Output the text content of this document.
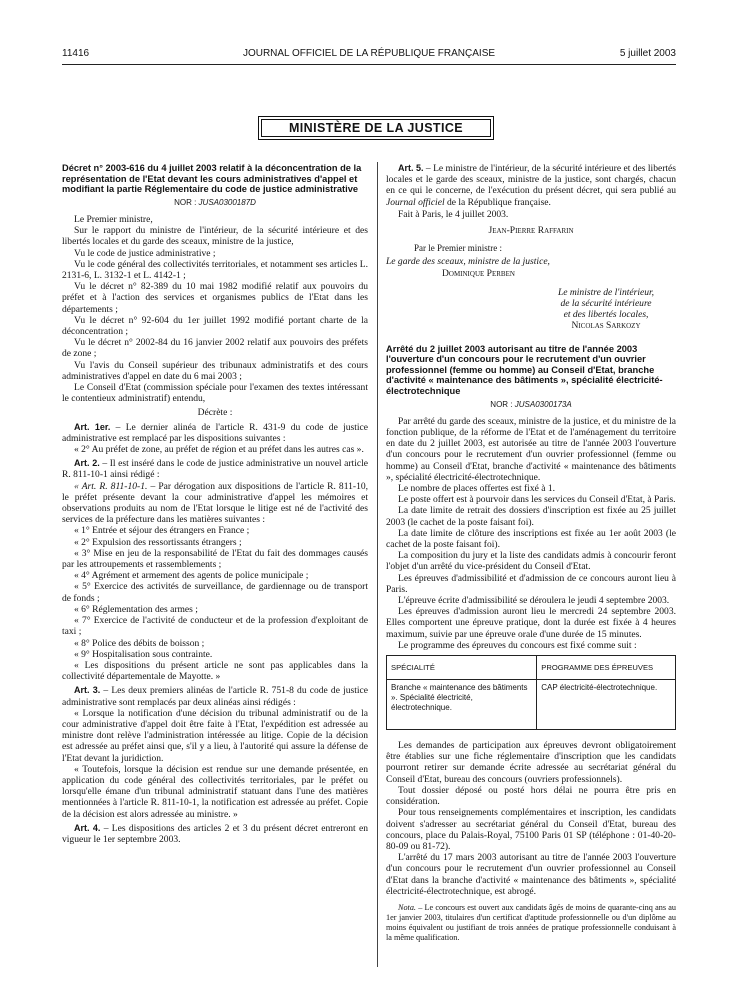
11416	JOURNAL OFFICIEL DE LA RÉPUBLIQUE FRANÇAISE	5 juillet 2003
MINISTÈRE DE LA JUSTICE
Décret n° 2003-616 du 4 juillet 2003 relatif à la déconcentration de la représentation de l'Etat devant les cours administratives d'appel et modifiant la partie Réglementaire du code de justice administrative
NOR : JUSA0300187D

Le Premier ministre,

Sur le rapport du ministre de l'intérieur, de la sécurité intérieure et des libertés locales et du garde des sceaux, ministre de la justice,

Vu le code de justice administrative ;

Vu le code général des collectivités territoriales, et notamment ses articles L. 2131-6, L. 3132-1 et L. 4142-1 ;

Vu le décret n° 82-389 du 10 mai 1982 modifié relatif aux pouvoirs du préfet et à l'action des services et organismes publics de l'Etat dans les départements ;

Vu le décret n° 92-604 du 1er juillet 1992 modifié portant charte de la déconcentration ;

Vu le décret n° 2002-84 du 16 janvier 2002 relatif aux pouvoirs des préfets de zone ;

Vu l'avis du Conseil supérieur des tribunaux administratifs et des cours administratives d'appel en date du 6 mai 2003 ;

Le Conseil d'Etat (commission spéciale pour l'examen des textes intéressant le contentieux administratif) entendu,

Décrète :

Art. 1er. – Le dernier alinéa de l'article R. 431-9 du code de justice administrative est remplacé par les dispositions suivantes :

« 2° Au préfet de zone, au préfet de région et au préfet dans les autres cas ».

Art. 2. – Il est inséré dans le code de justice administrative un nouvel article R. 811-10-1 ainsi rédigé :

« Art. R. 811-10-1. – Par dérogation aux dispositions de l'article R. 811-10, le préfet présente devant la cour administrative d'appel les mémoires et observations produits au nom de l'Etat lorsque le litige est né de l'activité des services de la préfecture dans les matières suivantes :

« 1° Entrée et séjour des étrangers en France ;

« 2° Expulsion des ressortissants étrangers ;

« 3° Mise en jeu de la responsabilité de l'Etat du fait des dommages causés par les attroupements et rassemblements ;

« 4° Agrément et armement des agents de police municipale ;

« 5° Exercice des activités de surveillance, de gardiennage ou de transport de fonds ;

« 6° Réglementation des armes ;

« 7° Exercice de l'activité de conducteur et de la profession d'exploitant de taxi ;

« 8° Police des débits de boisson ;

« 9° Hospitalisation sous contrainte.

« Les dispositions du présent article ne sont pas applicables dans la collectivité départementale de Mayotte. »

Art. 3. – Les deux premiers alinéas de l'article R. 751-8 du code de justice administrative sont remplacés par deux alinéas ainsi rédigés :

« Lorsque la notification d'une décision du tribunal administratif ou de la cour administrative d'appel doit être faite à l'Etat, l'expédition est adressée au ministre dont relève l'administration intéressée au litige. Copie de la décision est adressée au préfet ainsi que, s'il y a lieu, à l'autorité qui assure la défense de l'Etat devant la juridiction.

« Toutefois, lorsque la décision est rendue sur une demande présentée, en application du code général des collectivités territoriales, par le préfet ou lorsqu'elle émane d'un tribunal administratif statuant dans l'une des matières mentionnées à l'article R. 811-10-1, la notification est adressée au préfet. Copie de la décision est alors adressée au ministre. »

Art. 4. – Les dispositions des articles 2 et 3 du présent décret entreront en vigueur le 1er septembre 2003.

Art. 5. – Le ministre de l'intérieur, de la sécurité intérieure et des libertés locales et le garde des sceaux, ministre de la justice, sont chargés, chacun en ce qui le concerne, de l'exécution du présent décret, qui sera publié au Journal officiel de la République française.

Fait à Paris, le 4 juillet 2003.

Jean-Pierre Raffarin

Par le Premier ministre :

Le garde des sceaux, ministre de la justice,

Dominique Perben

Le ministre de l'intérieur,
de la sécurité intérieure
et des libertés locales,
Nicolas Sarkozy
Arrêté du 2 juillet 2003 autorisant au titre de l'année 2003 l'ouverture d'un concours pour le recrutement d'un ouvrier professionnel (femme ou homme) au Conseil d'Etat, branche d'activité « maintenance des bâtiments », spécialité électricité-électrotechnique
NOR : JUSA0300173A

Par arrêté du garde des sceaux, ministre de la justice, et du ministre de la fonction publique, de la réforme de l'Etat et de l'aménagement du territoire en date du 2 juillet 2003, est autorisée au titre de l'année 2003 l'ouverture d'un concours pour le recrutement d'un ouvrier professionnel (femme ou homme) au Conseil d'Etat, branche d'activité « maintenance des bâtiments », spécialité électricité-électrotechnique.

Le nombre de places offertes est fixé à 1.

Le poste offert est à pourvoir dans les services du Conseil d'Etat, à Paris.

La date limite de retrait des dossiers d'inscription est fixée au 25 juillet 2003 (le cachet de la poste faisant foi).

La date limite de clôture des inscriptions est fixée au 1er août 2003 (le cachet de la poste faisant foi).

La composition du jury et la liste des candidats admis à concourir feront l'objet d'un arrêté du vice-président du Conseil d'Etat.

Les épreuves d'admissibilité et d'admission de ce concours auront lieu à Paris.

L'épreuve écrite d'admissibilité se déroulera le jeudi 4 septembre 2003.

Les épreuves d'admission auront lieu le mercredi 24 septembre 2003. Elles comportent une épreuve pratique, dont la durée est fixée à 4 heures maximum, suivie par une épreuve orale d'une durée de 15 minutes.

Le programme des épreuves du concours est fixé comme suit :

SPÉCIALITÉ	PROGRAMME DES ÉPREUVES
Branche « maintenance des bâtiments ». Spécialité électricité, électrotechnique.	CAP électricité-électrotechnique.

Les demandes de participation aux épreuves devront obligatoirement être établies sur une fiche réglementaire d'inscription que les candidats pourront retirer sur demande écrite adressée au secrétariat général du Conseil d'Etat, bureau des concours (ouvriers professionnels).

Tout dossier déposé ou posté hors délai ne pourra être pris en considération.

Pour tous renseignements complémentaires et inscription, les candidats doivent s'adresser au secrétariat général du Conseil d'Etat, bureau des concours, place du Palais-Royal, 75100 Paris 01 SP (téléphone : 01-40-20-80-09 ou 81-72).

L'arrêté du 17 mars 2003 autorisant au titre de l'année 2003 l'ouverture d'un concours pour le recrutement d'un ouvrier professionnel au Conseil d'Etat dans la branche d'activité « maintenance des bâtiments », spécialité électricité-électrotechnique, est abrogé.

Nota. – Le concours est ouvert aux candidats âgés de moins de quarante-cinq ans au 1er janvier 2003, titulaires d'un certificat d'aptitude professionnelle ou d'un diplôme au moins équivalent ou justifiant de trois années de pratique professionnelle conduisant à la même qualification.
